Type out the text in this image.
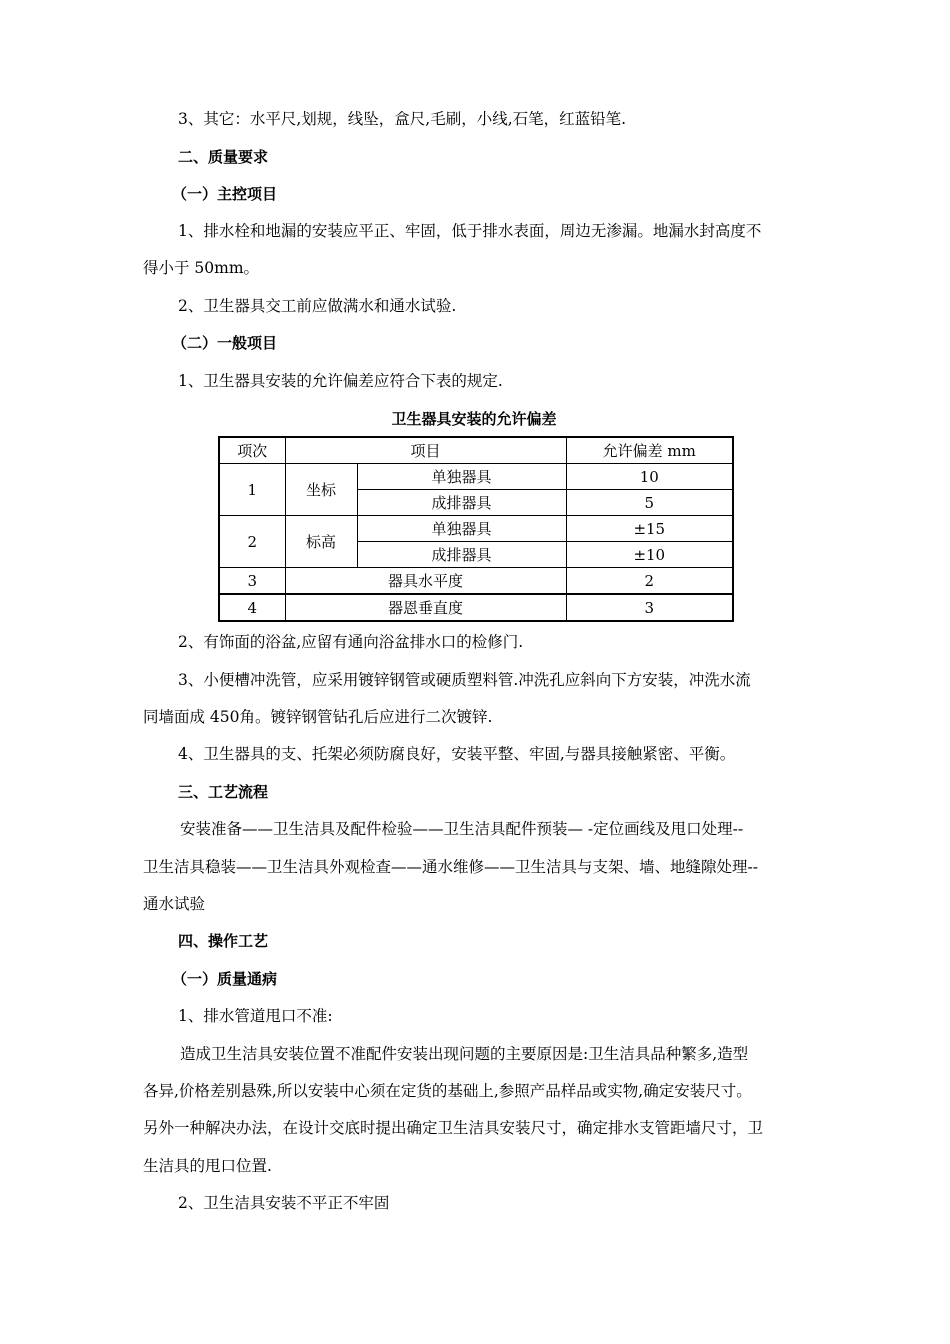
3、其它：水平尺,划规，线坠，盒尺,毛刷，小线,石笔，红蓝铅笔.
二、质量要求
（一）主控项目
1、排水栓和地漏的安装应平正、牢固，低于排水表面，周边无渗漏。地漏水封高度不
得小于 50mm。
2、卫生器具交工前应做满水和通水试验.
（二）一般项目
1、卫生器具安装的允许偏差应符合下表的规定.
卫生器具安装的允许偏差
项次	项目		允许偏差 mm
1	坐标	单独器具	10
		成排器具	5
2	标高	单独器具	±15
		成排器具	±10
3	器具水平度		2
4	器恩垂直度		3
2、有饰面的浴盆,应留有通向浴盆排水口的检修门.
3、小便槽冲洗管，应采用镀锌钢管或硬质塑料管.冲洗孔应斜向下方安装，冲洗水流
同墙面成 450角。镀锌钢管钻孔后应进行二次镀锌.
4、卫生器具的支、托架必须防腐良好，安装平整、牢固,与器具接触紧密、平衡。
三、工艺流程
安装准备——卫生洁具及配件检验——卫生洁具配件预装— -定位画线及甩口处理--
卫生洁具稳装——卫生洁具外观检查——通水维修——卫生洁具与支架、墙、地缝隙处理--
通水试验
四、操作工艺
（一）质量通病
1、排水管道甩口不准:
造成卫生洁具安装位置不准配件安装出现问题的主要原因是:卫生洁具品种繁多,造型
各异,价格差别悬殊,所以安装中心须在定货的基础上,参照产品样品或实物,确定安装尺寸。
另外一种解决办法，在设计交底时提出确定卫生洁具安装尺寸，确定排水支管距墙尺寸，卫
生洁具的甩口位置.
2、卫生洁具安装不平正不牢固
